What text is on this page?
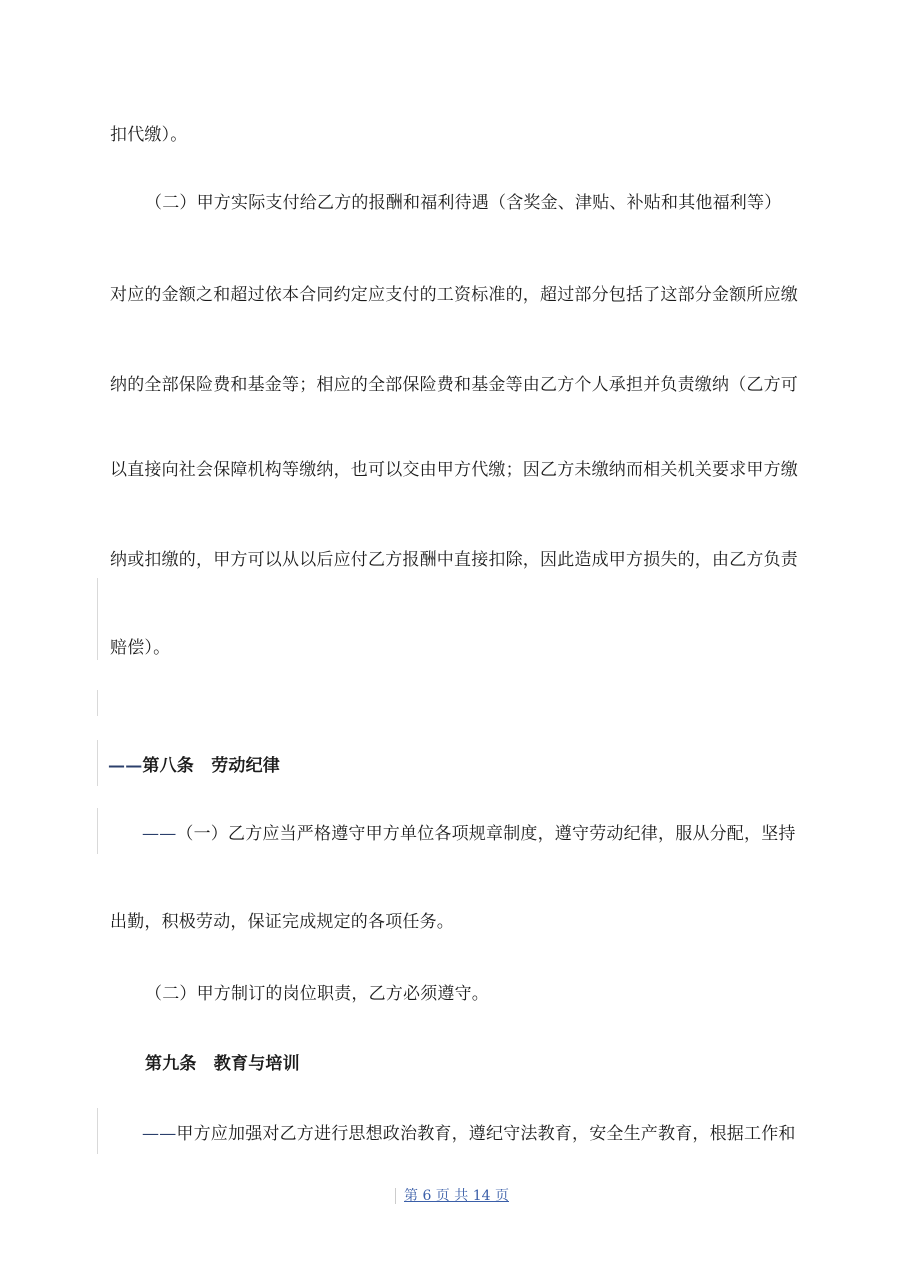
扣代缴）。
（二）甲方实际支付给乙方的报酬和福利待遇（含奖金、津贴、补贴和其他福利等）
对应的金额之和超过依本合同约定应支付的工资标准的，超过部分包括了这部分金额所应缴
纳的全部保险费和基金等；相应的全部保险费和基金等由乙方个人承担并负责缴纳（乙方可
以直接向社会保障机构等缴纳，也可以交由甲方代缴；因乙方未缴纳而相关机关要求甲方缴
纳或扣缴的，甲方可以从以后应付乙方报酬中直接扣除，因此造成甲方损失的，由乙方负责
赔偿）。
——第八条　劳动纪律
——（一）乙方应当严格遵守甲方单位各项规章制度，遵守劳动纪律，服从分配，坚持
出勤，积极劳动，保证完成规定的各项任务。
（二）甲方制订的岗位职责，乙方必须遵守。
第九条　教育与培训
——甲方应加强对乙方进行思想政治教育，遵纪守法教育，安全生产教育，根据工作和
第 6 页 共 14 页
